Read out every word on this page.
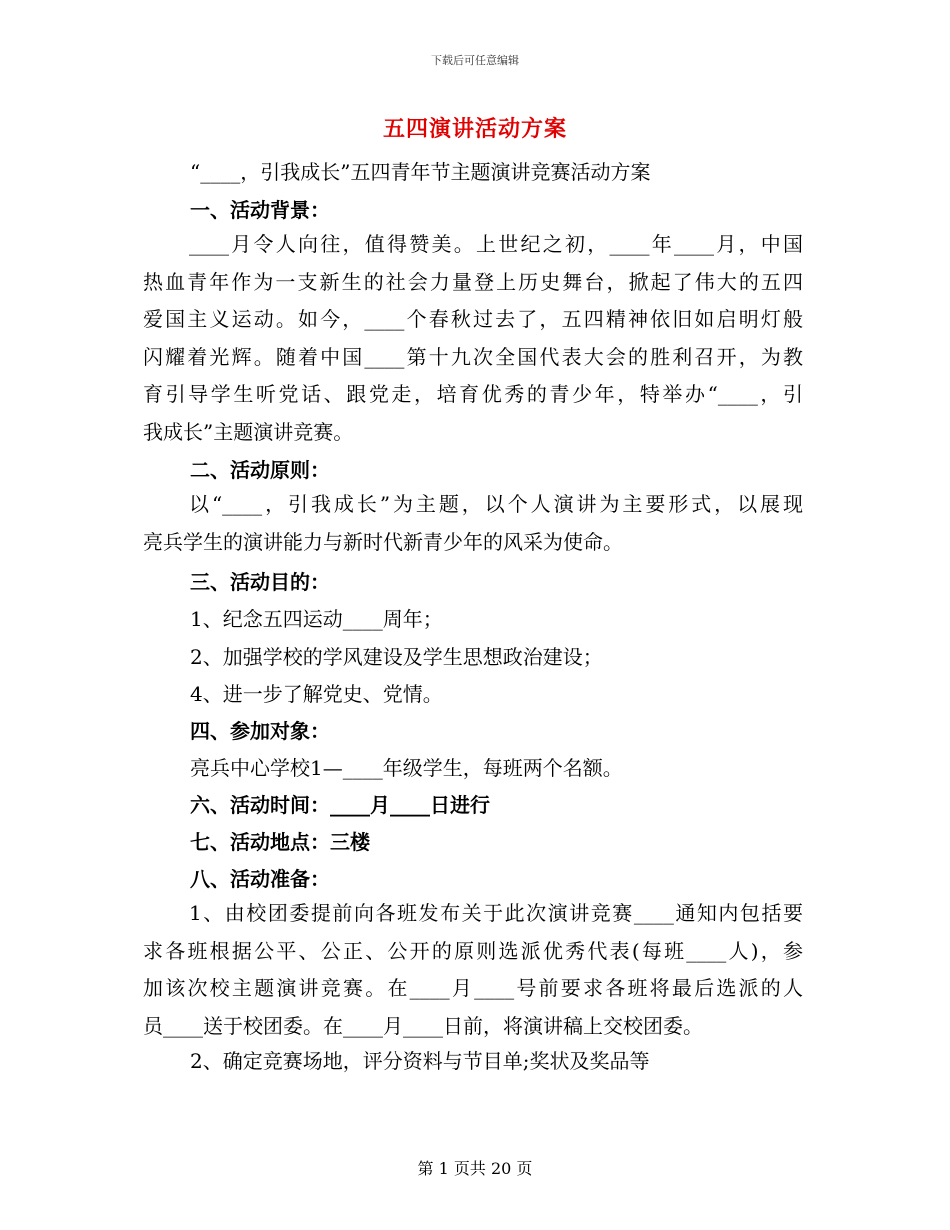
下载后可任意编辑
五四演讲活动方案
“____，引我成长”五四青年节主题演讲竞赛活动方案
一、活动背景：
____月令人向往，值得赞美。上世纪之初，____年____月，中国
热血青年作为一支新生的社会力量登上历史舞台，掀起了伟大的五四
爱国主义运动。如今，____个春秋过去了，五四精神依旧如启明灯般
闪耀着光辉。随着中国____第十九次全国代表大会的胜利召开，为教
育引导学生听党话、跟党走，培育优秀的青少年，特举办“____，引
我成长”主题演讲竞赛。
二、活动原则：
以“____，引我成长”为主题，以个人演讲为主要形式，以展现
亮兵学生的演讲能力与新时代新青少年的风采为使命。
三、活动目的：
1、纪念五四运动____周年；
2、加强学校的学风建设及学生思想政治建设；
4、进一步了解党史、党情。
四、参加对象：
亮兵中心学校1—____年级学生，每班两个名额。
六、活动时间：____月____日进行
七、活动地点：三楼
八、活动准备：
1、由校团委提前向各班发布关于此次演讲竞赛____通知内包括要
求各班根据公平、公正、公开的原则选派优秀代表(每班____人)，参
加该次校主题演讲竞赛。在____月____号前要求各班将最后选派的人
员____送于校团委。在____月____日前，将演讲稿上交校团委。
2、确定竞赛场地，评分资料与节目单;奖状及奖品等
第 1 页共 20 页
